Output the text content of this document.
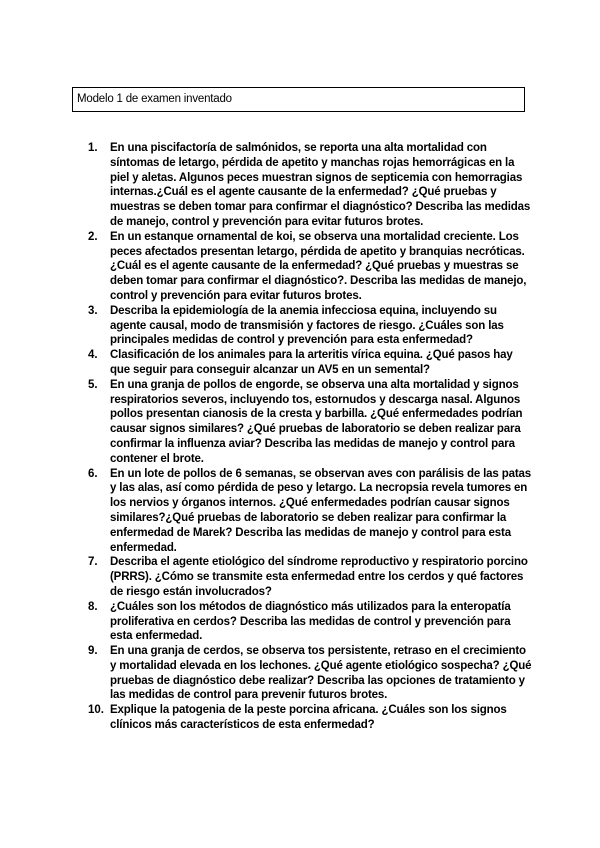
Modelo 1 de examen inventado
1. En una piscifactoría de salmónidos, se reporta una alta mortalidad con
síntomas de letargo, pérdida de apetito y manchas rojas hemorrágicas en la
piel y aletas. Algunos peces muestran signos de septicemia con hemorragias
internas.¿Cuál es el agente causante de la enfermedad? ¿Qué pruebas y
muestras se deben tomar para confirmar el diagnóstico? Describa las medidas
de manejo, control y prevención para evitar futuros brotes.
2. En un estanque ornamental de koi, se observa una mortalidad creciente. Los
peces afectados presentan letargo, pérdida de apetito y branquias necróticas.
¿Cuál es el agente causante de la enfermedad? ¿Qué pruebas y muestras se
deben tomar para confirmar el diagnóstico?. Describa las medidas de manejo,
control y prevención para evitar futuros brotes.
3. Describa la epidemiología de la anemia infecciosa equina, incluyendo su
agente causal, modo de transmisión y factores de riesgo. ¿Cuáles son las
principales medidas de control y prevención para esta enfermedad?
4. Clasificación de los animales para la arteritis vírica equina. ¿Qué pasos hay
que seguir para conseguir alcanzar un AV5 en un semental?
5. En una granja de pollos de engorde, se observa una alta mortalidad y signos
respiratorios severos, incluyendo tos, estornudos y descarga nasal. Algunos
pollos presentan cianosis de la cresta y barbilla. ¿Qué enfermedades podrían
causar signos similares? ¿Qué pruebas de laboratorio se deben realizar para
confirmar la influenza aviar? Describa las medidas de manejo y control para
contener el brote.
6. En un lote de pollos de 6 semanas, se observan aves con parálisis de las patas
y las alas, así como pérdida de peso y letargo. La necropsia revela tumores en
los nervios y órganos internos. ¿Qué enfermedades podrían causar signos
similares?¿Qué pruebas de laboratorio se deben realizar para confirmar la
enfermedad de Marek? Describa las medidas de manejo y control para esta
enfermedad.
7. Describa el agente etiológico del síndrome reproductivo y respiratorio porcino
(PRRS). ¿Cómo se transmite esta enfermedad entre los cerdos y qué factores
de riesgo están involucrados?
8. ¿Cuáles son los métodos de diagnóstico más utilizados para la enteropatía
proliferativa en cerdos? Describa las medidas de control y prevención para
esta enfermedad.
9. En una granja de cerdos, se observa tos persistente, retraso en el crecimiento
y mortalidad elevada en los lechones. ¿Qué agente etiológico sospecha? ¿Qué
pruebas de diagnóstico debe realizar? Describa las opciones de tratamiento y
las medidas de control para prevenir futuros brotes.
10. Explique la patogenia de la peste porcina africana. ¿Cuáles son los signos
clínicos más característicos de esta enfermedad?
